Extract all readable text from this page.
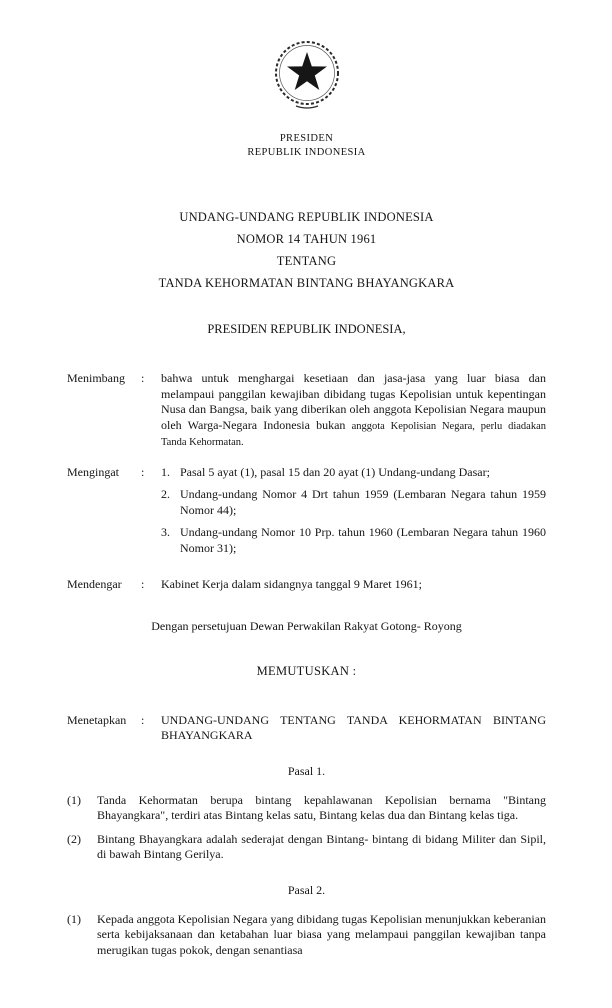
PRESIDEN
REPUBLIK INDONESIA
UNDANG-UNDANG REPUBLIK INDONESIA
NOMOR 14 TAHUN 1961
TENTANG
TANDA KEHORMATAN BINTANG BHAYANGKARA
PRESIDEN REPUBLIK INDONESIA,
Menimbang	:	bahwa untuk menghargai kesetiaan dan jasa-jasa yang luar biasa dan melampaui panggilan kewajiban dibidang tugas Kepolisian untuk kepentingan Nusa dan Bangsa, baik yang diberikan oleh anggota Kepolisian Negara maupun oleh Warga-Negara Indonesia bukan anggota Kepolisian Negara, perlu diadakan Tanda Kehormatan.
Mengingat	:	1. Pasal 5 ayat (1), pasal 15 dan 20 ayat (1) Undang-undang Dasar;
2. Undang-undang Nomor 4 Drt tahun 1959 (Lembaran Negara tahun 1959 Nomor 44);
3. Undang-undang Nomor 10 Prp. tahun 1960 (Lembaran Negara tahun 1960 Nomor 31);
Mendengar	:	Kabinet Kerja dalam sidangnya tanggal 9 Maret 1961;
Dengan persetujuan Dewan Perwakilan Rakyat Gotong- Royong
MEMUTUSKAN :
Menetapkan	:	UNDANG-UNDANG TENTANG TANDA KEHORMATAN BINTANG BHAYANGKARA
Pasal 1.
(1)	Tanda Kehormatan berupa bintang kepahlawanan Kepolisian bernama "Bintang Bhayangkara", terdiri atas Bintang kelas satu, Bintang kelas dua dan Bintang kelas tiga.
(2)	Bintang Bhayangkara adalah sederajat dengan Bintang- bintang di bidang Militer dan Sipil, di bawah Bintang Gerilya.
Pasal 2.
(1)	Kepada anggota Kepolisian Negara yang dibidang tugas Kepolisian menunjukkan keberanian serta kebijaksanaan dan ketabahan luar biasa yang melampaui panggilan kewajiban tanpa merugikan tugas pokok, dengan senantiasa
